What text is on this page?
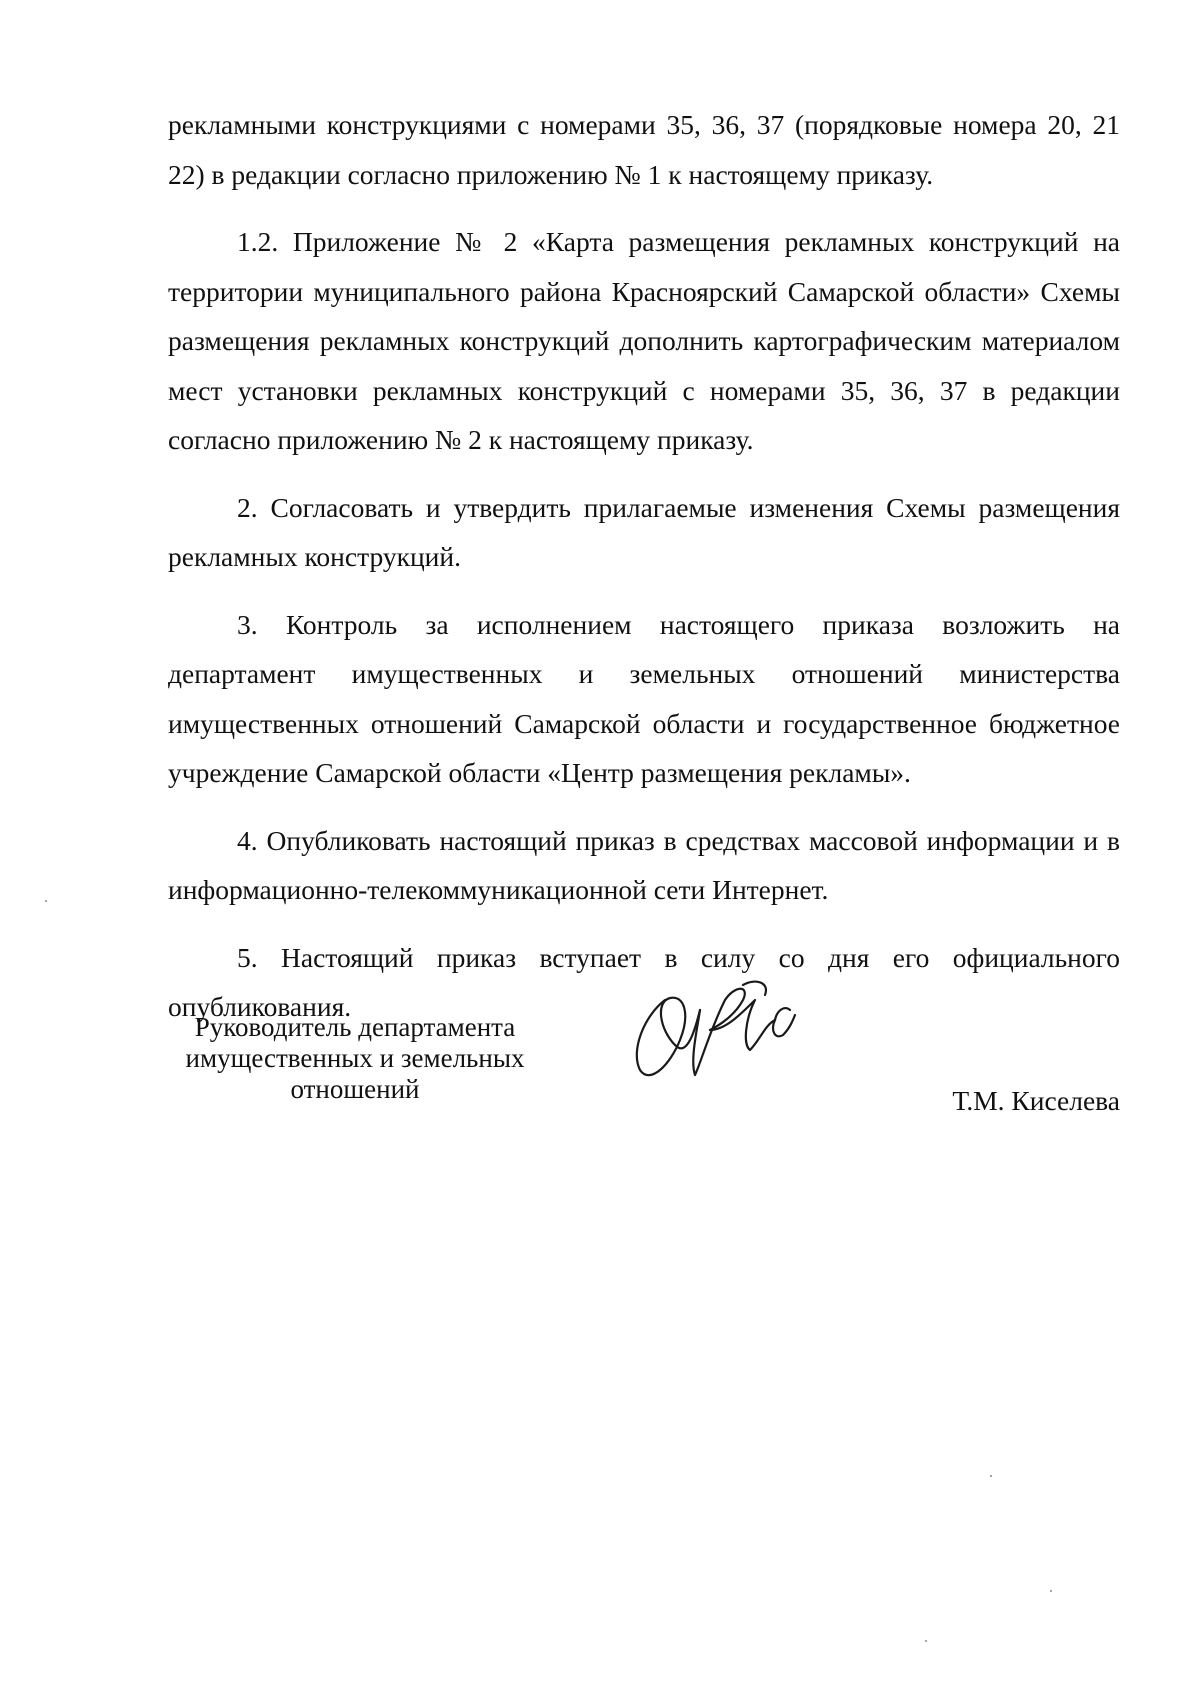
рекламными конструкциями с номерами 35, 36, 37 (порядковые номера 20, 21 22) в редакции согласно приложению № 1 к настоящему приказу.

1.2. Приложение № 2 «Карта размещения рекламных конструкций на территории муниципального района Красноярский Самарской области» Схемы размещения рекламных конструкций дополнить картографическим материалом мест установки рекламных конструкций с номерами 35, 36, 37 в редакции согласно приложению № 2 к настоящему приказу.

2. Согласовать и утвердить прилагаемые изменения Схемы размещения рекламных конструкций.

3. Контроль за исполнением настоящего приказа возложить на департамент имущественных и земельных отношений министерства имущественных отношений Самарской области и государственное бюджетное учреждение Самарской области «Центр размещения рекламы».

4. Опубликовать настоящий приказ в средствах массовой информации и в информационно-телекоммуникационной сети Интернет.

5. Настоящий приказ вступает в силу со дня его официального опубликования.

Руководитель департамента
имущественных и земельных
отношений	Т.М. Киселева
